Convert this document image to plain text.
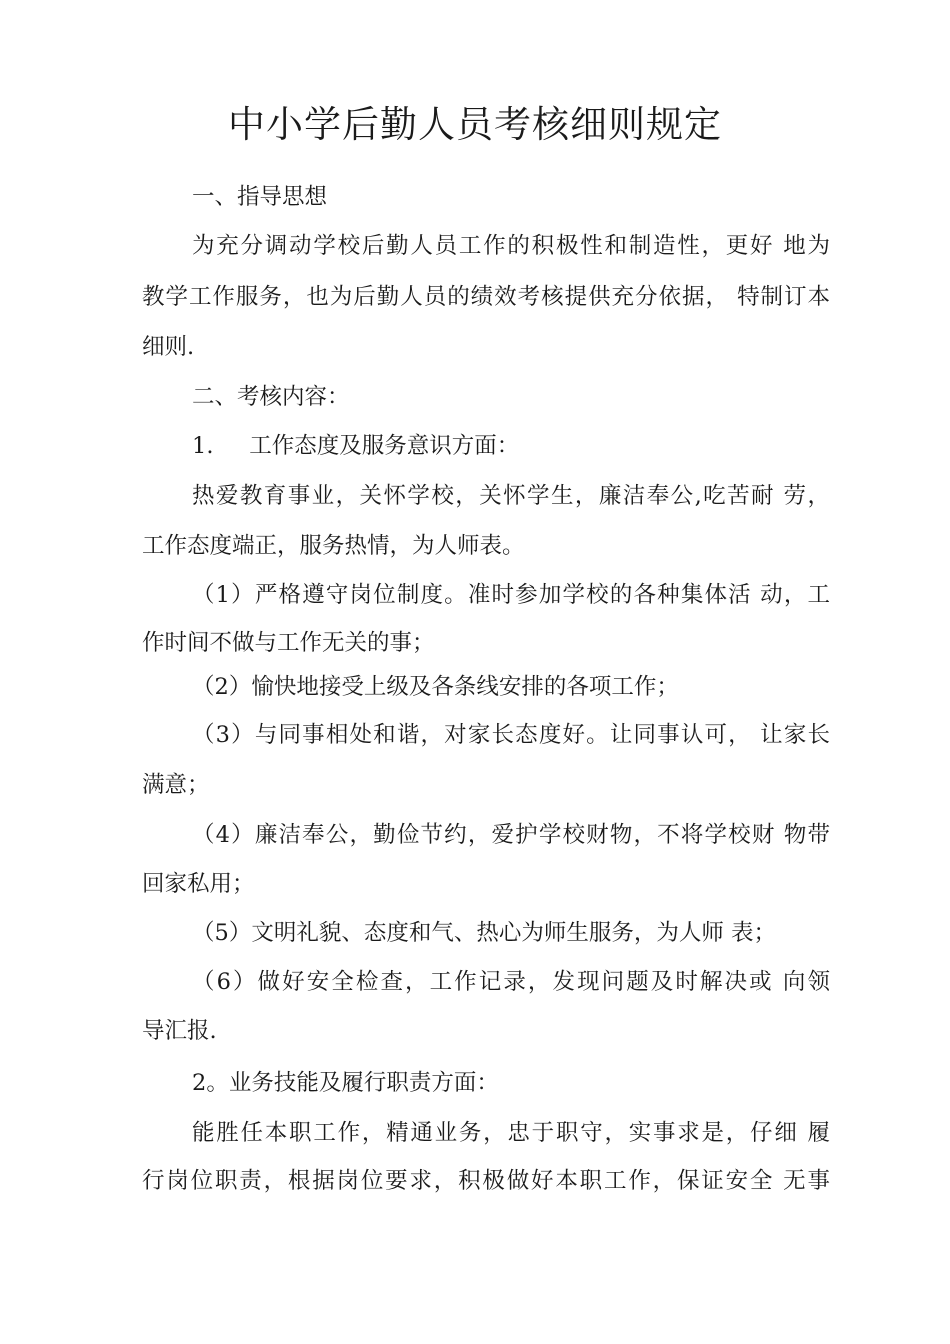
中小学后勤人员考核细则规定
一、指导思想
为充分调动学校后勤人员工作的积极性和制造性，更好 地为
教学工作服务，也为后勤人员的绩效考核提供充分依据， 特制订本
细则.
二、考核内容：
1.     工作态度及服务意识方面：
热爱教育事业，关怀学校，关怀学生，廉洁奉公,吃苦耐 劳，
工作态度端正，服务热情，为人师表。
（1）严格遵守岗位制度。准时参加学校的各种集体活 动，工
作时间不做与工作无关的事；
（2）愉快地接受上级及各条线安排的各项工作；
（3）与同事相处和谐，对家长态度好。让同事认可， 让家长
满意；
（4）廉洁奉公，勤俭节约，爱护学校财物，不将学校财 物带
回家私用；
（5）文明礼貌、态度和气、热心为师生服务，为人师 表；
（6）做好安全检查，工作记录，发现问题及时解决或 向领
导汇报.
2。业务技能及履行职责方面：
能胜任本职工作，精通业务，忠于职守，实事求是，仔细 履
行岗位职责，根据岗位要求，积极做好本职工作，保证安全 无事
